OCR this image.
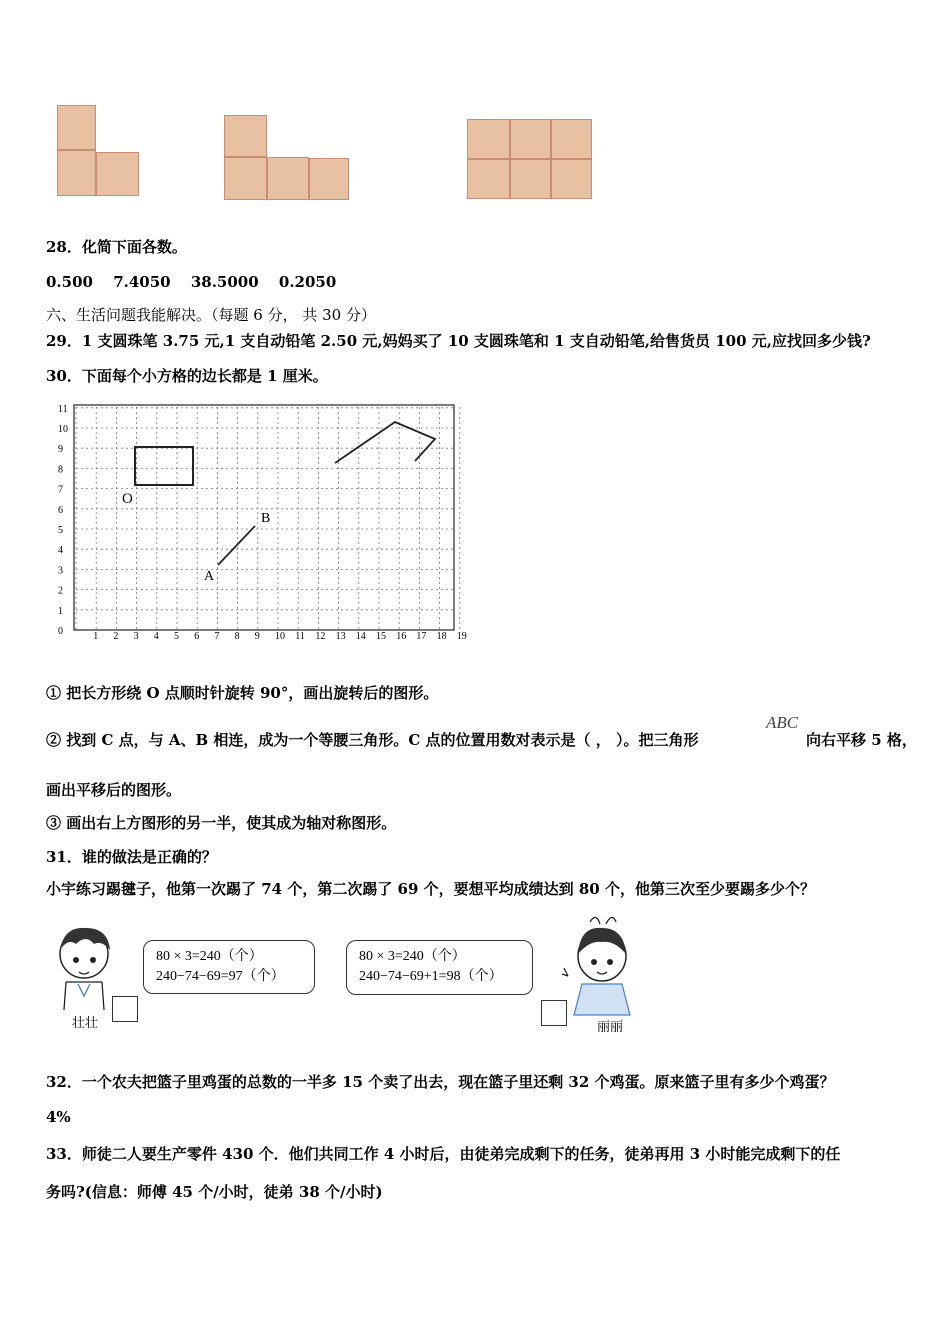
28．化简下面各数。
0.500　 7.4050　 38.5000　 0.2050
六、生活问题我能解决。（每题 6 分， 共 30 分）
29．1 支圆珠笔 3.75 元,1 支自动铅笔 2.50 元,妈妈买了 10 支圆珠笔和 1 支自动铅笔,给售货员 100 元,应找回多少钱?
30．下面每个小方格的边长都是 1 厘米。
1 2 3 4 5 6 7 8 9 10 11 12 13 14 15 16 17 18 19
0
1
2
3
4
5
6
7
8
9
10
11
O
A
B
① 把长方形绕 O 点顺时针旋转 90°，画出旋转后的图形。
② 找到 C 点，与 A、B 相连，成为一个等腰三角形。C 点的位置用数对表示是（ ， ）。把三角形
ABC
向右平移 5 格，
画出平移后的图形。
③ 画出右上方图形的另一半，使其成为轴对称图形。
31．谁的做法是正确的？
小宇练习踢毽子，他第一次踢了 74 个，第二次踢了 69 个，要想平均成绩达到 80 个，他第三次至少要踢多少个？
壮壮
80 × 3=240（个）
240−74−69=97（个）
80 × 3=240（个）
240−74−69+1=98（个）
丽丽
32．一个农夫把篮子里鸡蛋的总数的一半多 15 个卖了出去，现在篮子里还剩 32 个鸡蛋。原来篮子里有多少个鸡蛋？
4%
33．师徒二人要生产零件 430 个．他们共同工作 4 小时后，由徒弟完成剩下的任务，徒弟再用 3 小时能完成剩下的任
务吗?(信息：师傅 45 个/小时，徒弟 38 个/小时)
